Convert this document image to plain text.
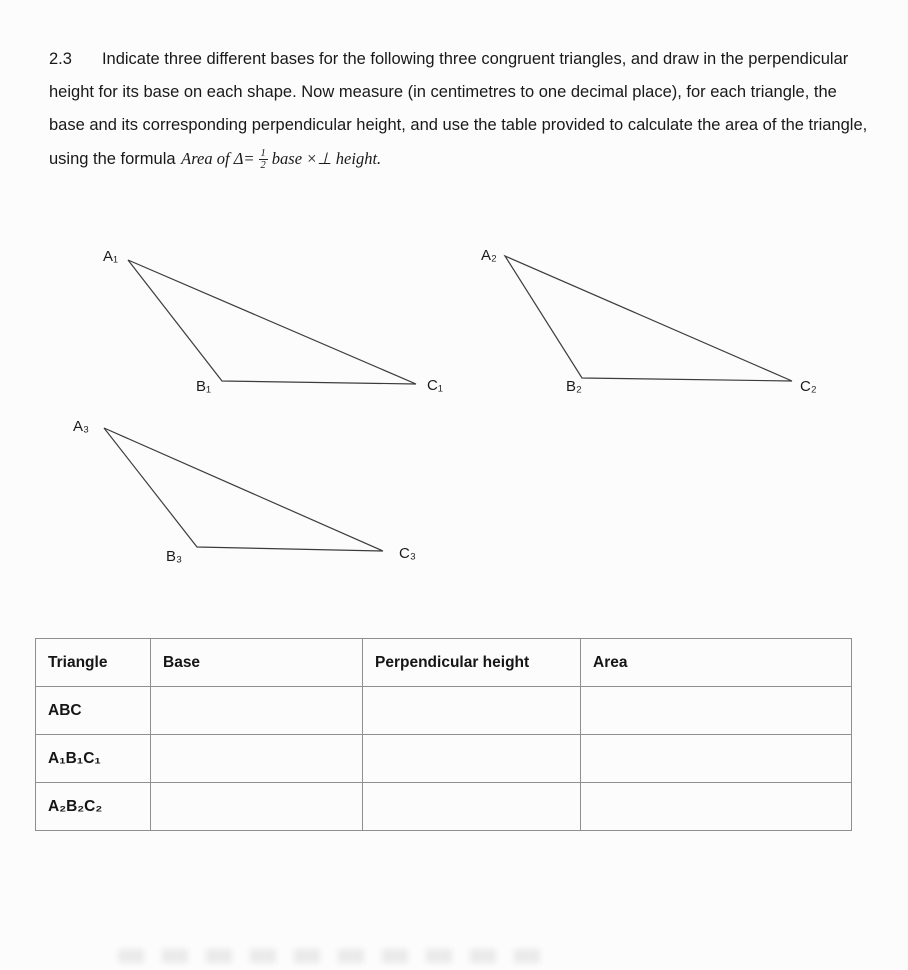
2.3 Indicate three different bases for the following three congruent triangles, and draw in the perpendicular height for its base on each shape. Now measure (in centimetres to one decimal place), for each triangle, the base and its corresponding perpendicular height, and use the table provided to calculate the area of the triangle, using the formula Area of $\Delta= \frac{1}{2}$ base ×⊥ height.

A₁
B₁	C₁
A₂
B₂	C₂
A₃
B₃	C₃
Triangle	Base	Perpendicular height	Area
ABC			
A₁B₁C₁			
A₂B₂C₂			
